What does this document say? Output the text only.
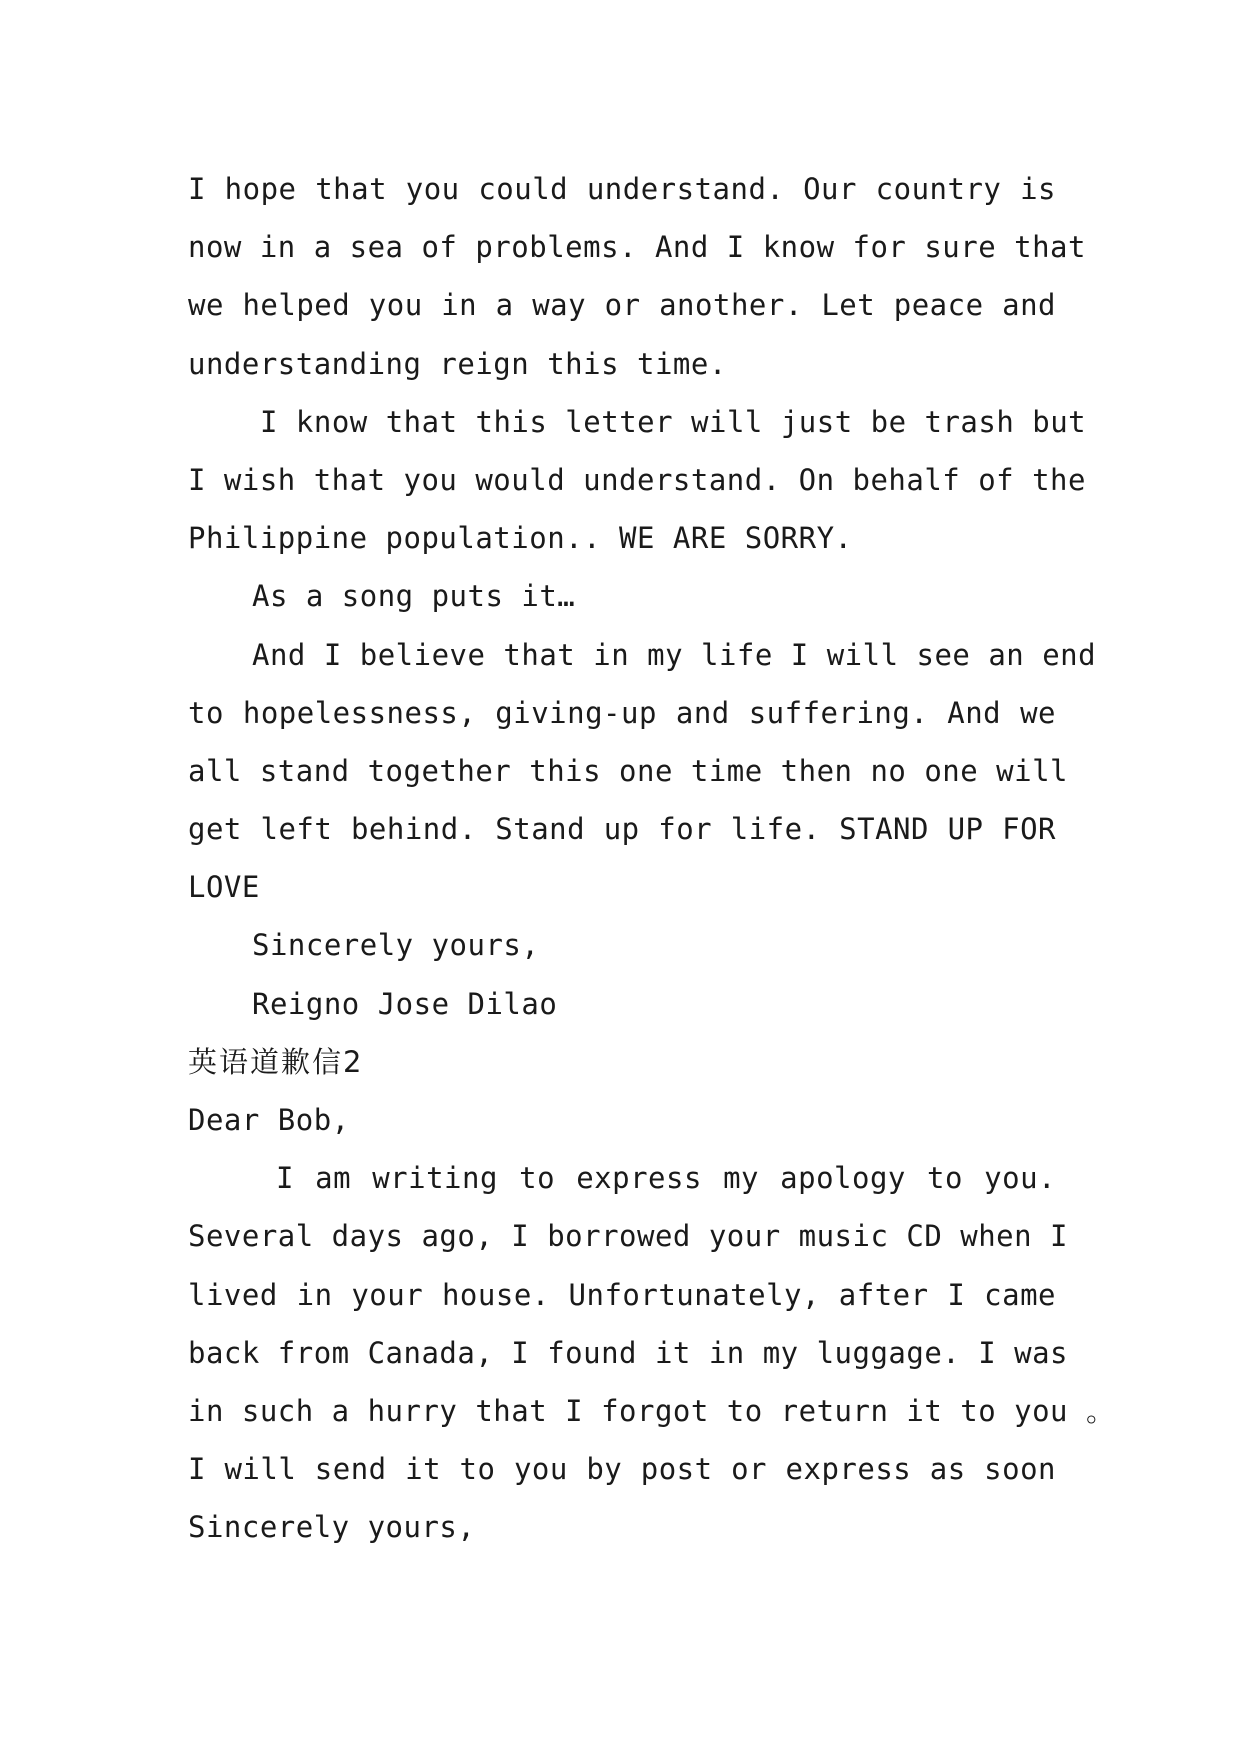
I hope that you could understand. Our country is
now in a sea of problems. And I know for sure that
we helped you in a way or another. Let peace and
understanding reign this time.
I know that this letter will just be trash but
I wish that you would understand. On behalf of the
Philippine population.. WE ARE SORRY.
As a song puts it…
And I believe that in my life I will see an end
to hopelessness, giving-up and suffering. And we
all stand together this one time then no one will
get left behind. Stand up for life. STAND UP FOR
LOVE
Sincerely yours,
Reigno Jose Dilao
英语道歉信2
Dear Bob,
I am writing to express my apology to you.
Several days ago, I borrowed your music CD when I
lived in your house. Unfortunately, after I came
back from Canada, I found it in my luggage. I was
in such a hurry that I forgot to return it to you 。
I will send it to you by post or express as soon
Sincerely yours,
